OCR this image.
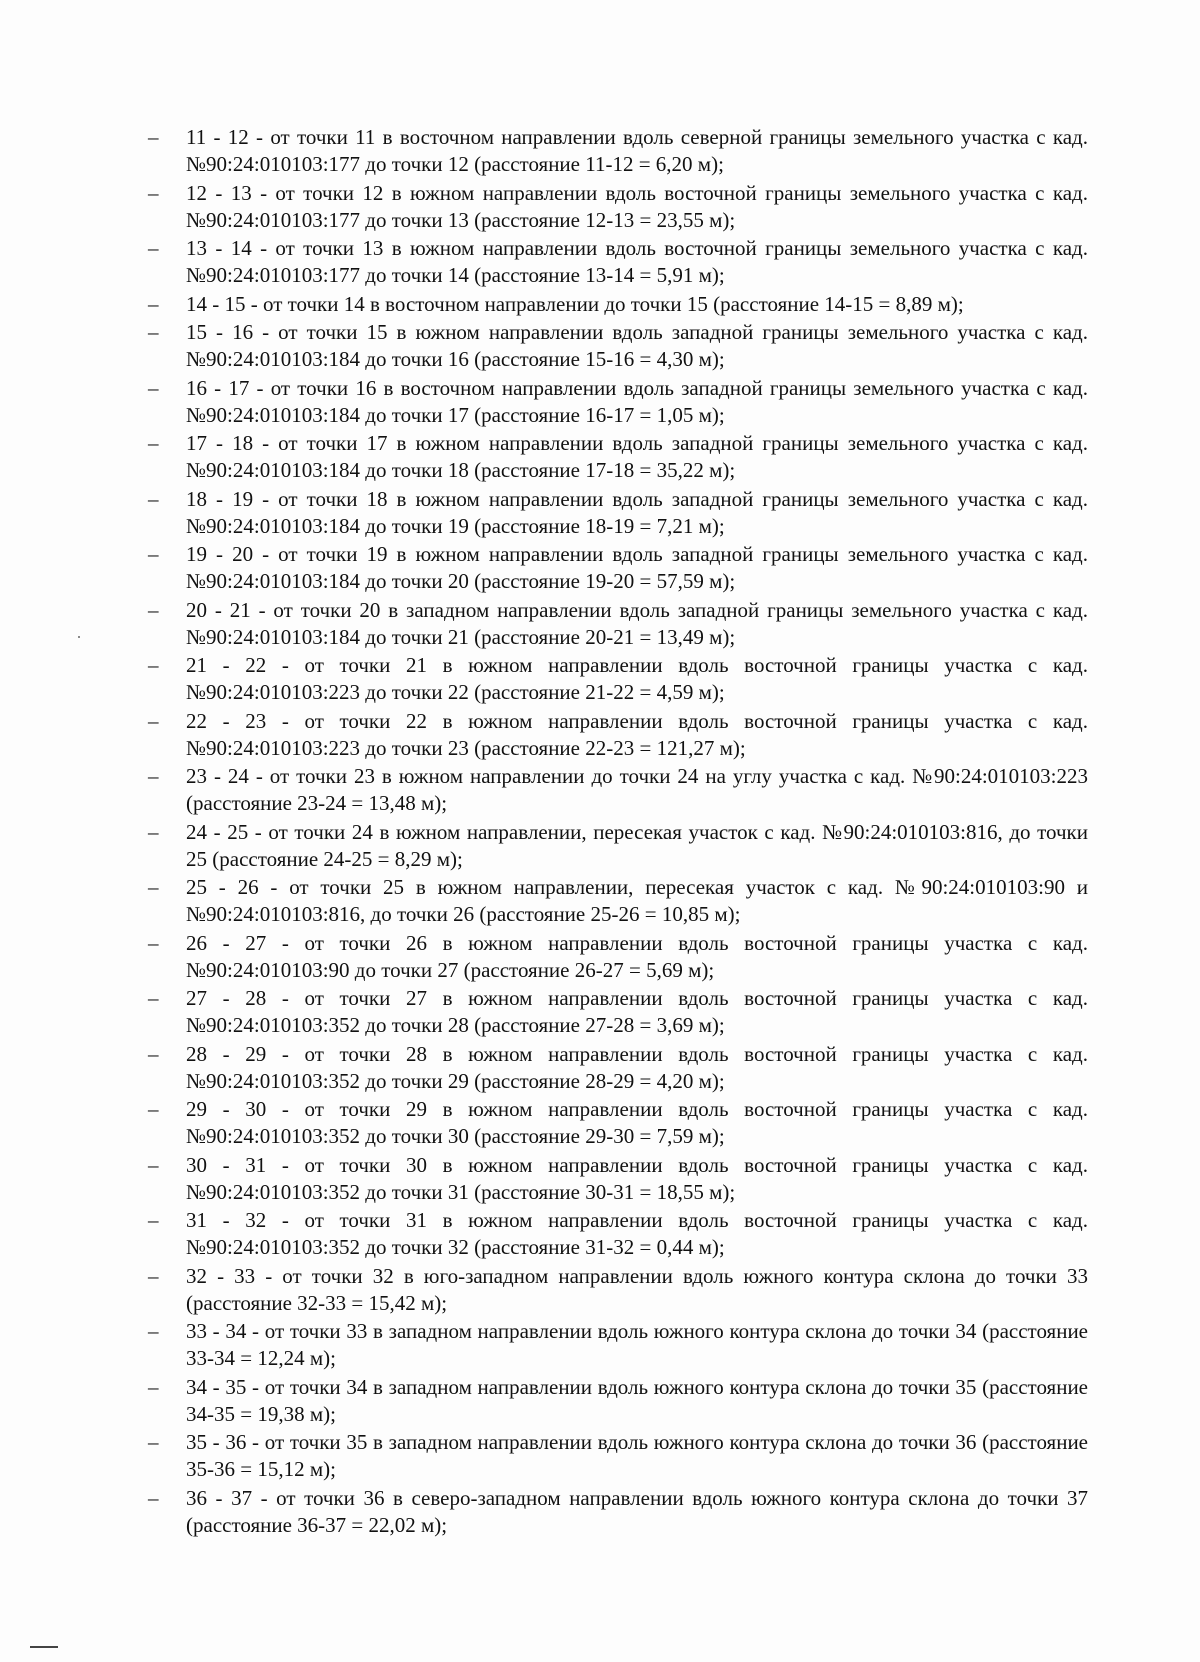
–	11 - 12 - от точки 11 в восточном направлении вдоль северной границы земельного участка с кад. №90:24:010103:177 до точки 12 (расстояние 11-12 = 6,20 м);
–	12 - 13 - от точки 12 в южном направлении вдоль восточной границы земельного участка с кад. №90:24:010103:177 до точки 13 (расстояние 12-13 = 23,55 м);
–	13 - 14 - от точки 13 в южном направлении вдоль восточной границы земельного участка с кад. №90:24:010103:177 до точки 14 (расстояние 13-14 = 5,91 м);
–	14 - 15 - от точки 14 в восточном направлении до точки 15 (расстояние 14-15 = 8,89 м);
–	15 - 16 - от точки 15 в южном направлении вдоль западной границы земельного участка с кад. №90:24:010103:184 до точки 16 (расстояние 15-16 = 4,30 м);
–	16 - 17 - от точки 16 в восточном направлении вдоль западной границы земельного участка с кад. №90:24:010103:184 до точки 17 (расстояние 16-17 = 1,05 м);
–	17 - 18 - от точки 17 в южном направлении вдоль западной границы земельного участка с кад. №90:24:010103:184 до точки 18 (расстояние 17-18 = 35,22 м);
–	18 - 19 - от точки 18 в южном направлении вдоль западной границы земельного участка с кад. №90:24:010103:184 до точки 19 (расстояние 18-19 = 7,21 м);
–	19 - 20 - от точки 19 в южном направлении вдоль западной границы земельного участка с кад. №90:24:010103:184 до точки 20 (расстояние 19-20 = 57,59 м);
–	20 - 21 - от точки 20 в западном направлении вдоль западной границы земельного участка с кад. №90:24:010103:184 до точки 21 (расстояние 20-21 = 13,49 м);
–	21 - 22 - от точки 21 в южном направлении вдоль восточной границы участка с кад. №90:24:010103:223 до точки 22 (расстояние 21-22 = 4,59 м);
–	22 - 23 - от точки 22 в южном направлении вдоль восточной границы участка с кад. №90:24:010103:223 до точки 23 (расстояние 22-23 = 121,27 м);
–	23 - 24 - от точки 23 в южном направлении до точки 24 на углу участка с кад. №90:24:010103:223 (расстояние 23-24 = 13,48 м);
–	24 - 25 - от точки 24 в южном направлении, пересекая участок с кад. №90:24:010103:816, до точки 25 (расстояние 24-25 = 8,29 м);
–	25 - 26 - от точки 25 в южном направлении, пересекая участок с кад. №90:24:010103:90 и №90:24:010103:816, до точки 26 (расстояние 25-26 = 10,85 м);
–	26 - 27 - от точки 26 в южном направлении вдоль восточной границы участка с кад. №90:24:010103:90 до точки 27 (расстояние 26-27 = 5,69 м);
–	27 - 28 - от точки 27 в южном направлении вдоль восточной границы участка с кад. №90:24:010103:352 до точки 28 (расстояние 27-28 = 3,69 м);
–	28 - 29 - от точки 28 в южном направлении вдоль восточной границы участка с кад. №90:24:010103:352 до точки 29 (расстояние 28-29 = 4,20 м);
–	29 - 30 - от точки 29 в южном направлении вдоль восточной границы участка с кад. №90:24:010103:352 до точки 30 (расстояние 29-30 = 7,59 м);
–	30 - 31 - от точки 30 в южном направлении вдоль восточной границы участка с кад. №90:24:010103:352 до точки 31 (расстояние 30-31 = 18,55 м);
–	31 - 32 - от точки 31 в южном направлении вдоль восточной границы участка с кад. №90:24:010103:352 до точки 32 (расстояние 31-32 = 0,44 м);
–	32 - 33 - от точки 32 в юго-западном направлении вдоль южного контура склона до точки 33 (расстояние 32-33 = 15,42 м);
–	33 - 34 - от точки 33 в западном направлении вдоль южного контура склона до точки 34 (расстояние 33-34 = 12,24 м);
–	34 - 35 - от точки 34 в западном направлении вдоль южного контура склона до точки 35 (расстояние 34-35 = 19,38 м);
–	35 - 36 - от точки 35 в западном направлении вдоль южного контура склона до точки 36 (расстояние 35-36 = 15,12 м);
–	36 - 37 - от точки 36 в северо-западном направлении вдоль южного контура склона до точки 37 (расстояние 36-37 = 22,02 м);
